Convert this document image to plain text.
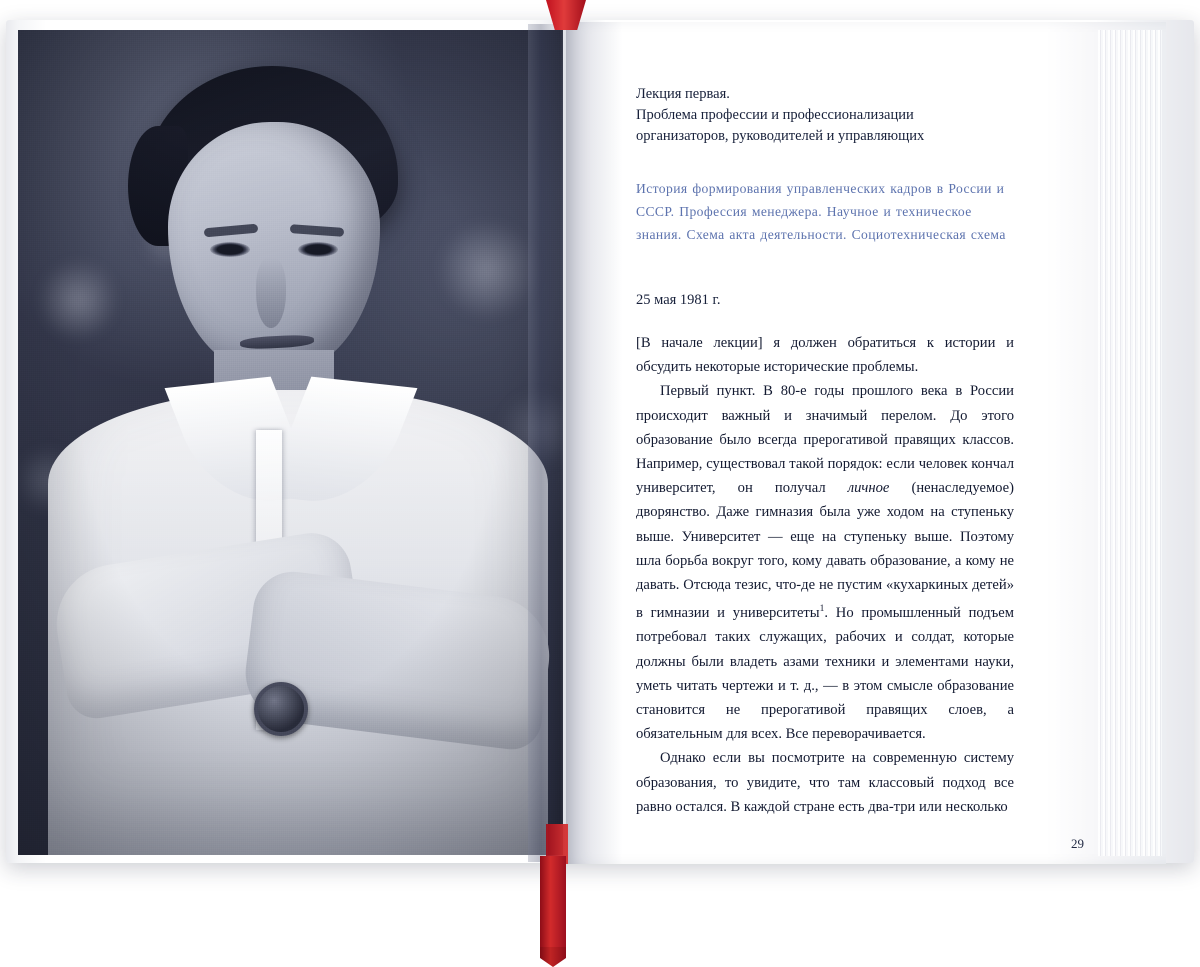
Лекция первая.
Проблема профессии и профессионализации
организаторов, руководителей и управляющих
История формирования управленческих кадров в России и СССР. Профессия менеджера. Научное и техническое знания. Схема акта деятельности. Социотехническая схема
25 мая 1981 г.

[В начале лекции] я должен обратиться к истории и обсудить некоторые исторические проблемы.

Первый пункт. В 80-е годы прошлого века в России происходит важный и значимый перелом. До этого образование было всегда прерогативой правящих классов. Например, существовал такой порядок: если человек кончал университет, он получал личное (ненаследуемое) дворянство. Даже гимназия была уже ходом на ступеньку выше. Университет — еще на ступеньку выше. Поэтому шла борьба вокруг того, кому давать образование, а кому не давать. Отсюда тезис, что-де не пустим «кухаркиных детей» в гимназии и университеты$^1$. Но промышленный подъем потребовал таких служащих, рабочих и солдат, которые должны были владеть азами техники и элементами науки, уметь читать чертежи и т. д., — в этом смысле образование становится не прерогативой правящих слоев, а обязательным для всех. Все переворачивается.

Однако если вы посмотрите на современную систему образования, то увидите, что там классовый подход все равно остался. В каждой стране есть два-три или несколько

29
